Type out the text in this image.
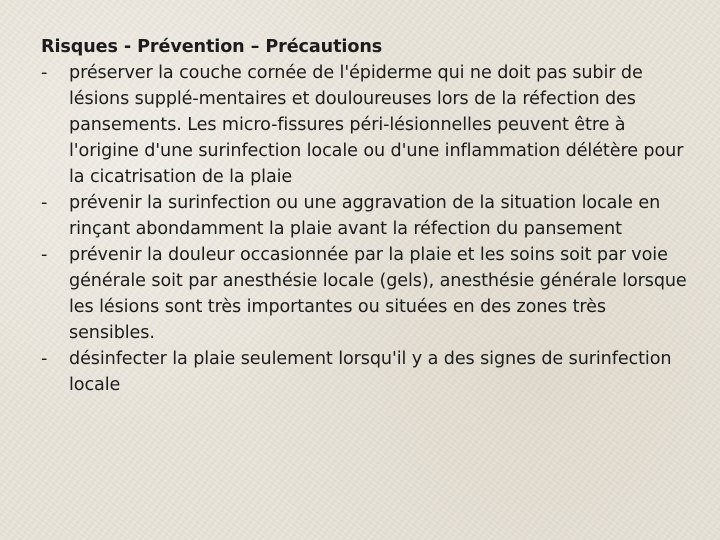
Risques - Prévention – Précautions

- préserver la couche cornée de l'épiderme qui ne doit pas subir de lésions supplé-mentaires et douloureuses lors de la réfection des pansements. Les micro-fissures péri-lésionnelles peuvent être à l'origine d'une surinfection locale ou d'une inflammation délétère pour la cicatrisation de la plaie
- prévenir la surinfection ou une aggravation de la situation locale en rinçant abondamment la plaie avant la réfection du pansement
- prévenir la douleur occasionnée par la plaie et les soins soit par voie générale soit par anesthésie locale (gels), anesthésie générale lorsque les lésions sont très importantes ou situées en des zones très sensibles.
- désinfecter la plaie seulement lorsqu'il y a des signes de surinfection locale
